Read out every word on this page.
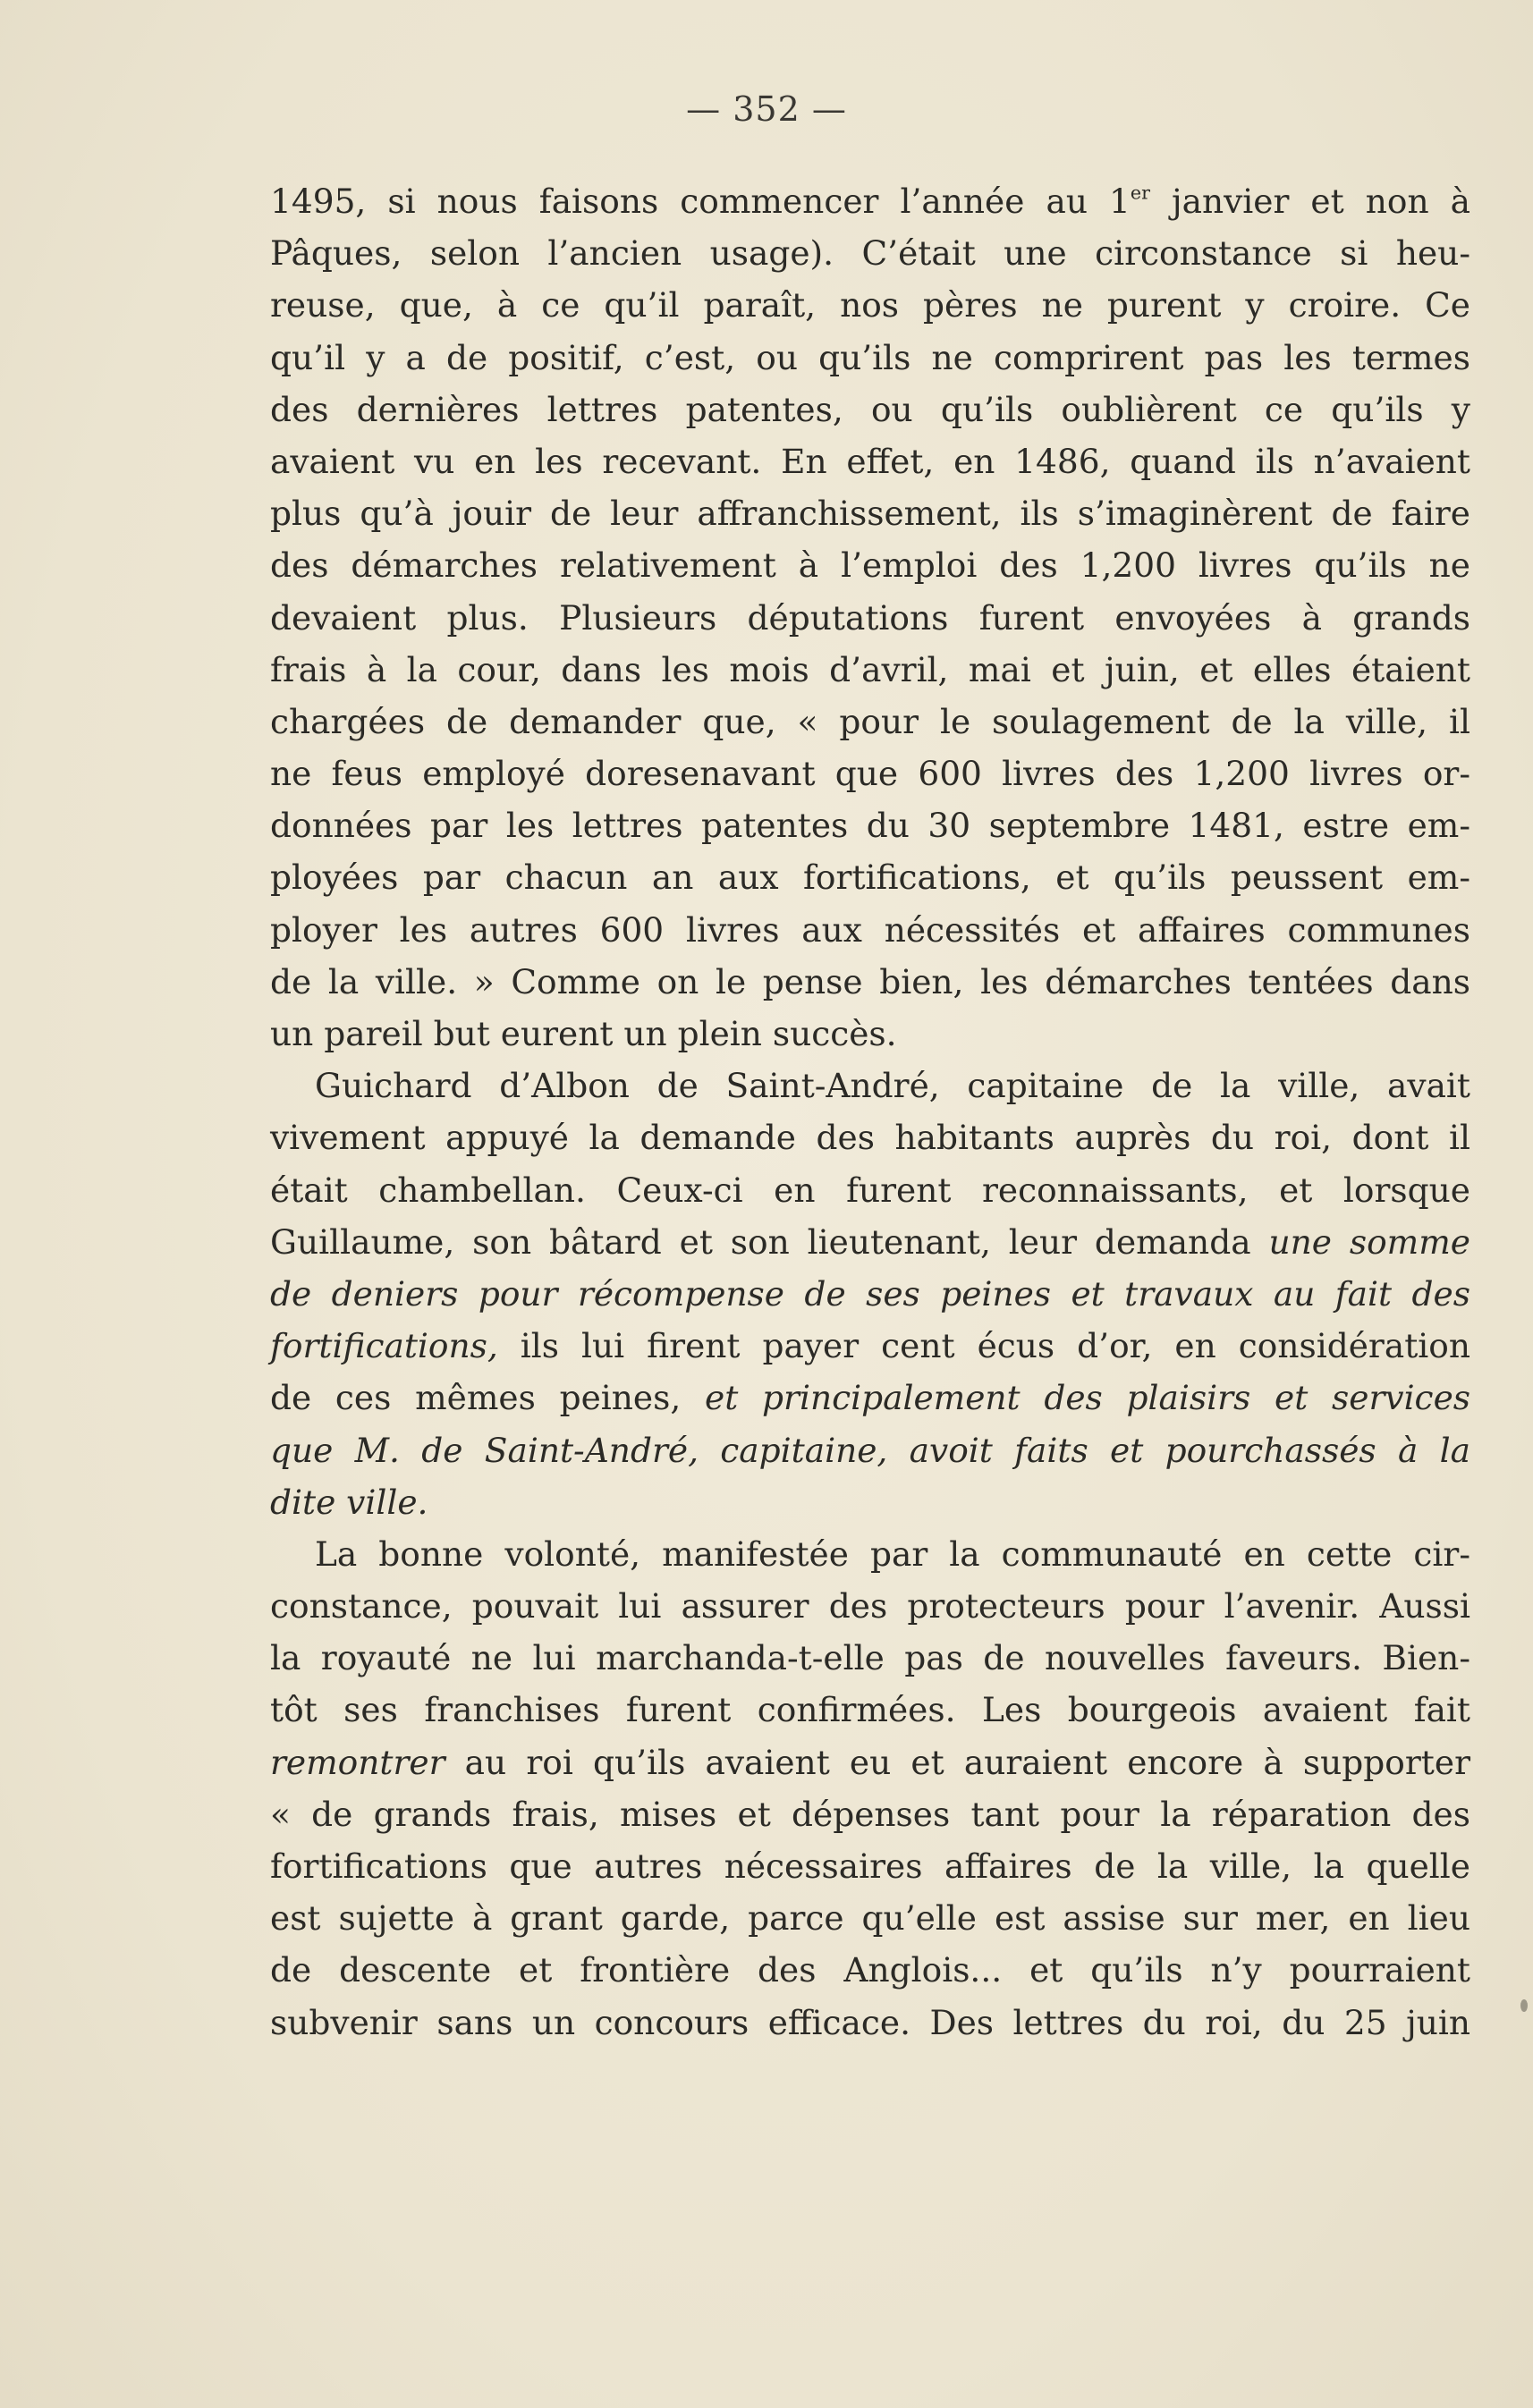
— 352 —
1495, si nous faisons commencer l’année au 1er janvier et non à
Pâques, selon l’ancien usage). C’était une circonstance si heu-
reuse, que, à ce qu’il paraît, nos pères ne purent y croire. Ce
qu’il y a de positif, c’est, ou qu’ils ne comprirent pas les termes
des dernières lettres patentes, ou qu’ils oublièrent ce qu’ils y
avaient vu en les recevant. En effet, en 1486, quand ils n’avaient
plus qu’à jouir de leur affranchissement, ils s’imaginèrent de faire
des démarches relativement à l’emploi des 1,200 livres qu’ils ne
devaient plus. Plusieurs députations furent envoyées à grands
frais à la cour, dans les mois d’avril, mai et juin, et elles étaient
chargées de demander que, « pour le soulagement de la ville, il
ne feus employé doresenavant que 600 livres des 1,200 livres or-
données par les lettres patentes du 30 septembre 1481, estre em-
ployées par chacun an aux fortifications, et qu’ils peussent em-
ployer les autres 600 livres aux nécessités et affaires communes
de la ville. » Comme on le pense bien, les démarches tentées dans
un pareil but eurent un plein succès.
Guichard d’Albon de Saint-André, capitaine de la ville, avait
vivement appuyé la demande des habitants auprès du roi, dont il
était chambellan. Ceux-ci en furent reconnaissants, et lorsque
Guillaume, son bâtard et son lieutenant, leur demanda une somme
de deniers pour récompense de ses peines et travaux au fait des
fortifications, ils lui firent payer cent écus d’or, en considération
de ces mêmes peines, et principalement des plaisirs et services
que M. de Saint-André, capitaine, avoit faits et pourchassés à la
dite ville.
La bonne volonté, manifestée par la communauté en cette cir-
constance, pouvait lui assurer des protecteurs pour l’avenir. Aussi
la royauté ne lui marchanda-t-elle pas de nouvelles faveurs. Bien-
tôt ses franchises furent confirmées. Les bourgeois avaient fait
remontrer au roi qu’ils avaient eu et auraient encore à supporter
« de grands frais, mises et dépenses tant pour la réparation des
fortifications que autres nécessaires affaires de la ville, la quelle
est sujette à grant garde, parce qu’elle est assise sur mer, en lieu
de descente et frontière des Anglois... et qu’ils n’y pourraient
subvenir sans un concours efficace. Des lettres du roi, du 25 juin
